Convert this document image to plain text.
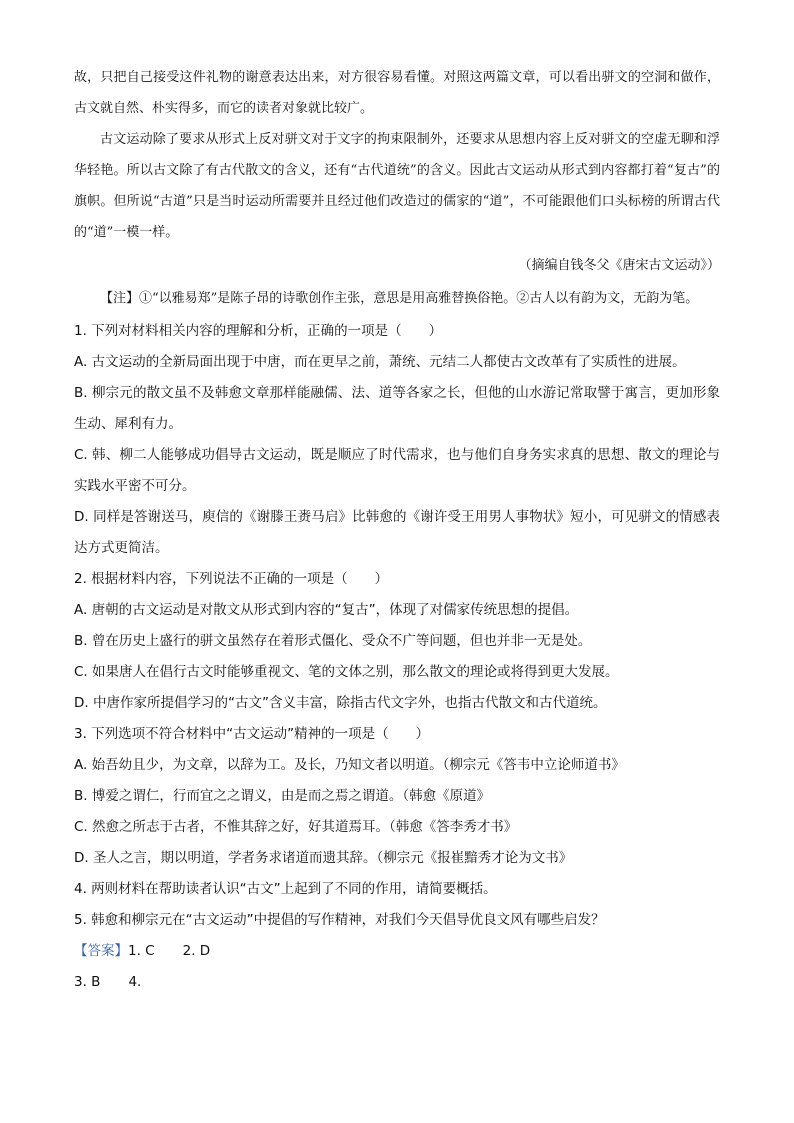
故，只把自己接受这件礼物的谢意表达出来，对方很容易看懂。对照这两篇文章，可以看出骈文的空洞和做作，古文就自然、朴实得多，而它的读者对象就比较广。

古文运动除了要求从形式上反对骈文对于文字的拘束限制外，还要求从思想内容上反对骈文的空虚无聊和浮华轻艳。所以古文除了有古代散文的含义，还有“古代道统”的含义。因此古文运动从形式到内容都打着“复古”的旗帜。但所说“古道”只是当时运动所需要并且经过他们改造过的儒家的“道”，不可能跟他们口头标榜的所谓古代的“道”一模一样。

（摘编自钱冬父《唐宋古文运动》）

【注】①“以雅易郑”是陈子昂的诗歌创作主张，意思是用高雅替换俗艳。②古人以有韵为文，无韵为笔。

1. 下列对材料相关内容的理解和分析，正确的一项是（　　）

A. 古文运动的全新局面出现于中唐，而在更早之前，萧统、元结二人都使古文改革有了实质性的进展。

B. 柳宗元的散文虽不及韩愈文章那样能融儒、法、道等各家之长，但他的山水游记常取譬于寓言，更加形象生动、犀利有力。

C. 韩、柳二人能够成功倡导古文运动，既是顺应了时代需求，也与他们自身务实求真的思想、散文的理论与实践水平密不可分。

D. 同样是答谢送马，庾信的《谢滕王赉马启》比韩愈的《谢许受王用男人事物状》短小，可见骈文的情感表达方式更简洁。

2. 根据材料内容，下列说法不正确的一项是（　　）

A. 唐朝的古文运动是对散文从形式到内容的“复古”，体现了对儒家传统思想的提倡。

B. 曾在历史上盛行的骈文虽然存在着形式僵化、受众不广等问题，但也并非一无是处。

C. 如果唐人在倡行古文时能够重视文、笔的文体之别，那么散文的理论或将得到更大发展。

D. 中唐作家所提倡学习的“古文”含义丰富，除指古代文字外，也指古代散文和古代道统。

3. 下列选项不符合材料中“古文运动”精神的一项是（　　）

A. 始吾幼且少，为文章，以辞为工。及长，乃知文者以明道。（柳宗元《答韦中立论师道书》

B. 博爱之谓仁，行而宜之之谓义，由是而之焉之谓道。（韩愈《原道》

C. 然愈之所志于古者，不惟其辞之好，好其道焉耳。（韩愈《答李秀才书》

D. 圣人之言，期以明道，学者务求诸道而遗其辞。（柳宗元《报崔黯秀才论为文书》

4. 两则材料在帮助读者认识“古文”上起到了不同的作用，请简要概括。

5. 韩愈和柳宗元在“古文运动”中提倡的写作精神，对我们今天倡导优良文风有哪些启发？

【答案】1. C 2. D

3. B 4.
